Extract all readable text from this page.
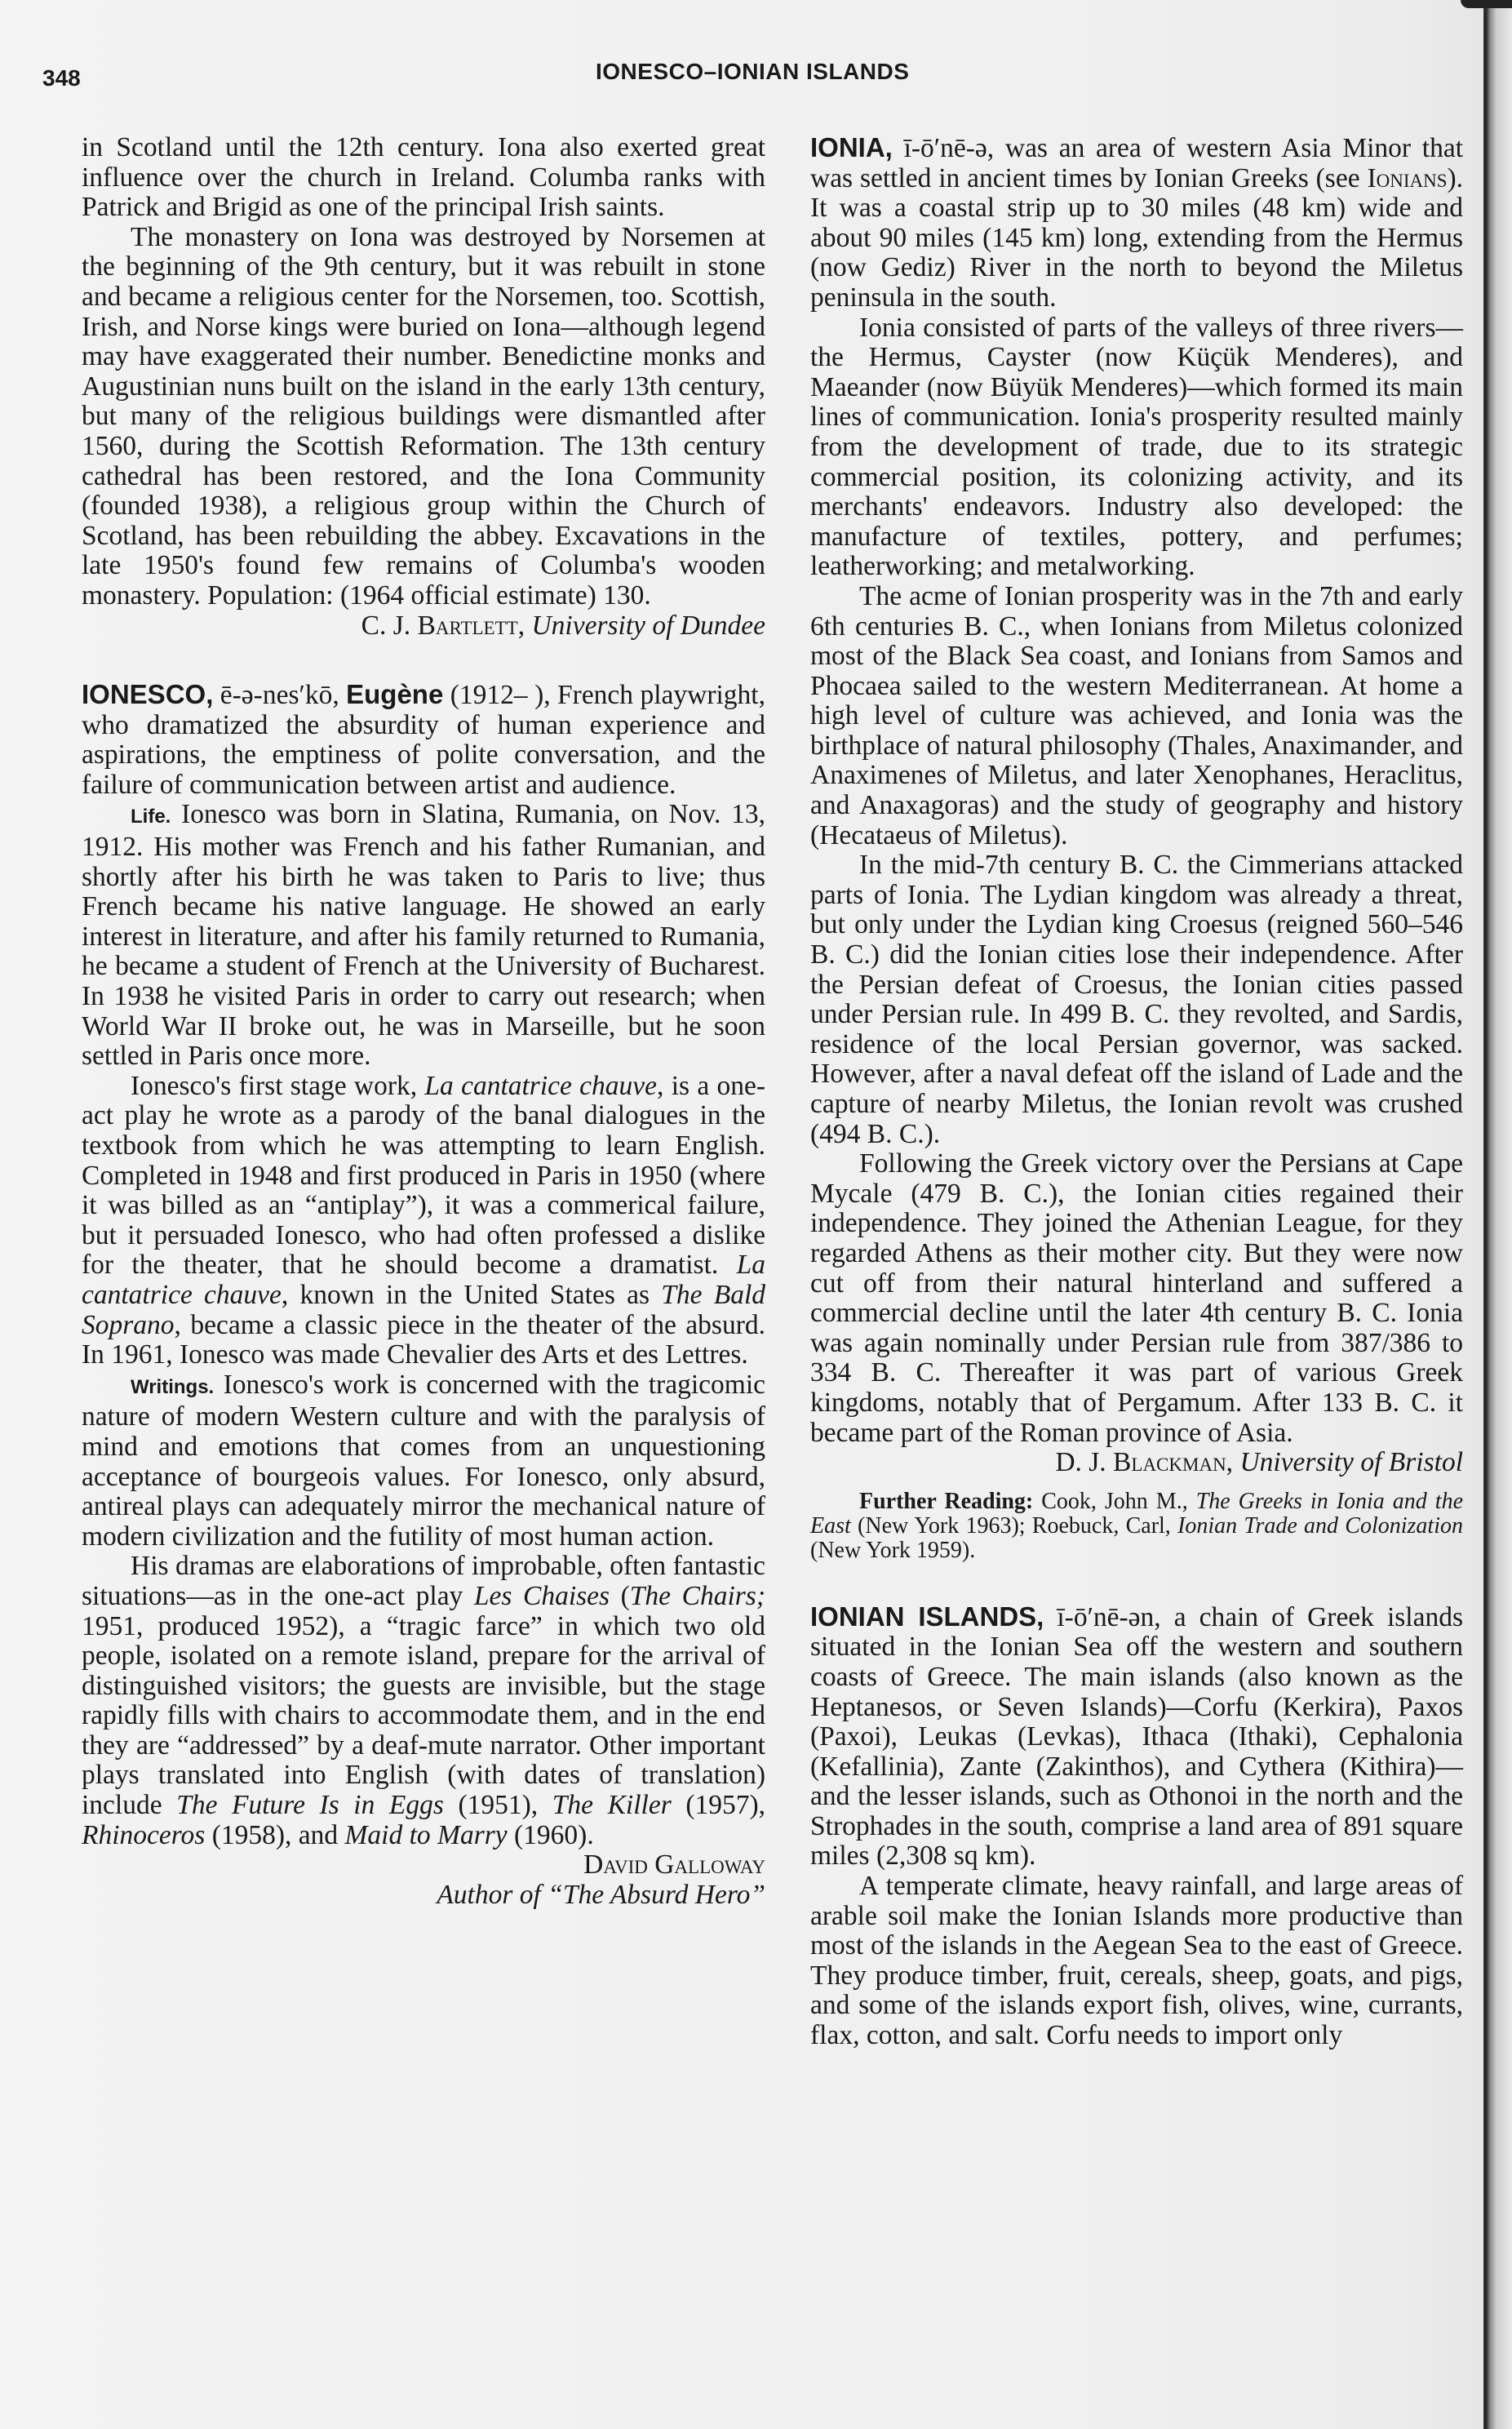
348	IONESCO–IONIAN ISLANDS

in Scotland until the 12th century. Iona also exerted great influence over the church in Ireland. Columba ranks with Patrick and Brigid as one of the principal Irish saints.

The monastery on Iona was destroyed by Norsemen at the beginning of the 9th century, but it was rebuilt in stone and became a religious center for the Norsemen, too. Scottish, Irish, and Norse kings were buried on Iona—although legend may have exaggerated their number. Benedictine monks and Augustinian nuns built on the island in the early 13th century, but many of the religious buildings were dismantled after 1560, during the Scottish Reformation. The 13th century cathedral has been restored, and the Iona Community (founded 1938), a religious group within the Church of Scotland, has been rebuilding the abbey. Excavations in the late 1950's found few remains of Columba's wooden monastery. Population: (1964 official estimate) 130.

C. J. Bartlett, University of Dundee

IONESCO, ē-ə-nes′kō, Eugène (1912– ), French playwright, who dramatized the absurdity of human experience and aspirations, the emptiness of polite conversation, and the failure of communication between artist and audience.

Life. Ionesco was born in Slatina, Rumania, on Nov. 13, 1912. His mother was French and his father Rumanian, and shortly after his birth he was taken to Paris to live; thus French became his native language. He showed an early interest in literature, and after his family returned to Rumania, he became a student of French at the University of Bucharest. In 1938 he visited Paris in order to carry out research; when World War II broke out, he was in Marseille, but he soon settled in Paris once more.

Ionesco's first stage work, La cantatrice chauve, is a one-act play he wrote as a parody of the banal dialogues in the textbook from which he was attempting to learn English. Completed in 1948 and first produced in Paris in 1950 (where it was billed as an “antiplay”), it was a commerical failure, but it persuaded Ionesco, who had often professed a dislike for the theater, that he should become a dramatist. La cantatrice chauve, known in the United States as The Bald Soprano, became a classic piece in the theater of the absurd. In 1961, Ionesco was made Chevalier des Arts et des Lettres.

Writings. Ionesco's work is concerned with the tragicomic nature of modern Western culture and with the paralysis of mind and emotions that comes from an unquestioning acceptance of bourgeois values. For Ionesco, only absurd, antireal plays can adequately mirror the mechanical nature of modern civilization and the futility of most human action.

His dramas are elaborations of improbable, often fantastic situations—as in the one-act play Les Chaises (The Chairs; 1951, produced 1952), a “tragic farce” in which two old people, isolated on a remote island, prepare for the arrival of distinguished visitors; the guests are invisible, but the stage rapidly fills with chairs to accommodate them, and in the end they are “addressed” by a deaf-mute narrator. Other important plays translated into English (with dates of translation) include The Future Is in Eggs (1951), The Killer (1957), Rhinoceros (1958), and Maid to Marry (1960).

David Galloway

Author of “The Absurd Hero”

IONIA, ī-ō′nē-ə, was an area of western Asia Minor that was settled in ancient times by Ionian Greeks (see Ionians). It was a coastal strip up to 30 miles (48 km) wide and about 90 miles (145 km) long, extending from the Hermus (now Gediz) River in the north to beyond the Miletus peninsula in the south.

Ionia consisted of parts of the valleys of three rivers—the Hermus, Cayster (now Küçük Menderes), and Maeander (now Büyük Menderes)—which formed its main lines of communication. Ionia's prosperity resulted mainly from the development of trade, due to its strategic commercial position, its colonizing activity, and its merchants' endeavors. Industry also developed: the manufacture of textiles, pottery, and perfumes; leatherworking; and metalworking.

The acme of Ionian prosperity was in the 7th and early 6th centuries B. C., when Ionians from Miletus colonized most of the Black Sea coast, and Ionians from Samos and Phocaea sailed to the western Mediterranean. At home a high level of culture was achieved, and Ionia was the birthplace of natural philosophy (Thales, Anaximander, and Anaximenes of Miletus, and later Xenophanes, Heraclitus, and Anaxagoras) and the study of geography and history (Hecataeus of Miletus).

In the mid-7th century B. C. the Cimmerians attacked parts of Ionia. The Lydian kingdom was already a threat, but only under the Lydian king Croesus (reigned 560–546 B. C.) did the Ionian cities lose their independence. After the Persian defeat of Croesus, the Ionian cities passed under Persian rule. In 499 B. C. they revolted, and Sardis, residence of the local Persian governor, was sacked. However, after a naval defeat off the island of Lade and the capture of nearby Miletus, the Ionian revolt was crushed (494 B. C.).

Following the Greek victory over the Persians at Cape Mycale (479 B. C.), the Ionian cities regained their independence. They joined the Athenian League, for they regarded Athens as their mother city. But they were now cut off from their natural hinterland and suffered a commercial decline until the later 4th century B. C. Ionia was again nominally under Persian rule from 387/386 to 334 B. C. Thereafter it was part of various Greek kingdoms, notably that of Pergamum. After 133 B. C. it became part of the Roman province of Asia.

D. J. Blackman, University of Bristol

Further Reading: Cook, John M., The Greeks in Ionia and the East (New York 1963); Roebuck, Carl, Ionian Trade and Colonization (New York 1959).

IONIAN ISLANDS, ī-ō′nē-ən, a chain of Greek islands situated in the Ionian Sea off the western and southern coasts of Greece. The main islands (also known as the Heptanesos, or Seven Islands)—Corfu (Kerkira), Paxos (Paxoi), Leukas (Levkas), Ithaca (Ithaki), Cephalonia (Kefallinia), Zante (Zakinthos), and Cythera (Kithira)—and the lesser islands, such as Othonoi in the north and the Strophades in the south, comprise a land area of 891 square miles (2,308 sq km).

A temperate climate, heavy rainfall, and large areas of arable soil make the Ionian Islands more productive than most of the islands in the Aegean Sea to the east of Greece. They produce timber, fruit, cereals, sheep, goats, and pigs, and some of the islands export fish, olives, wine, currants, flax, cotton, and salt. Corfu needs to import only
